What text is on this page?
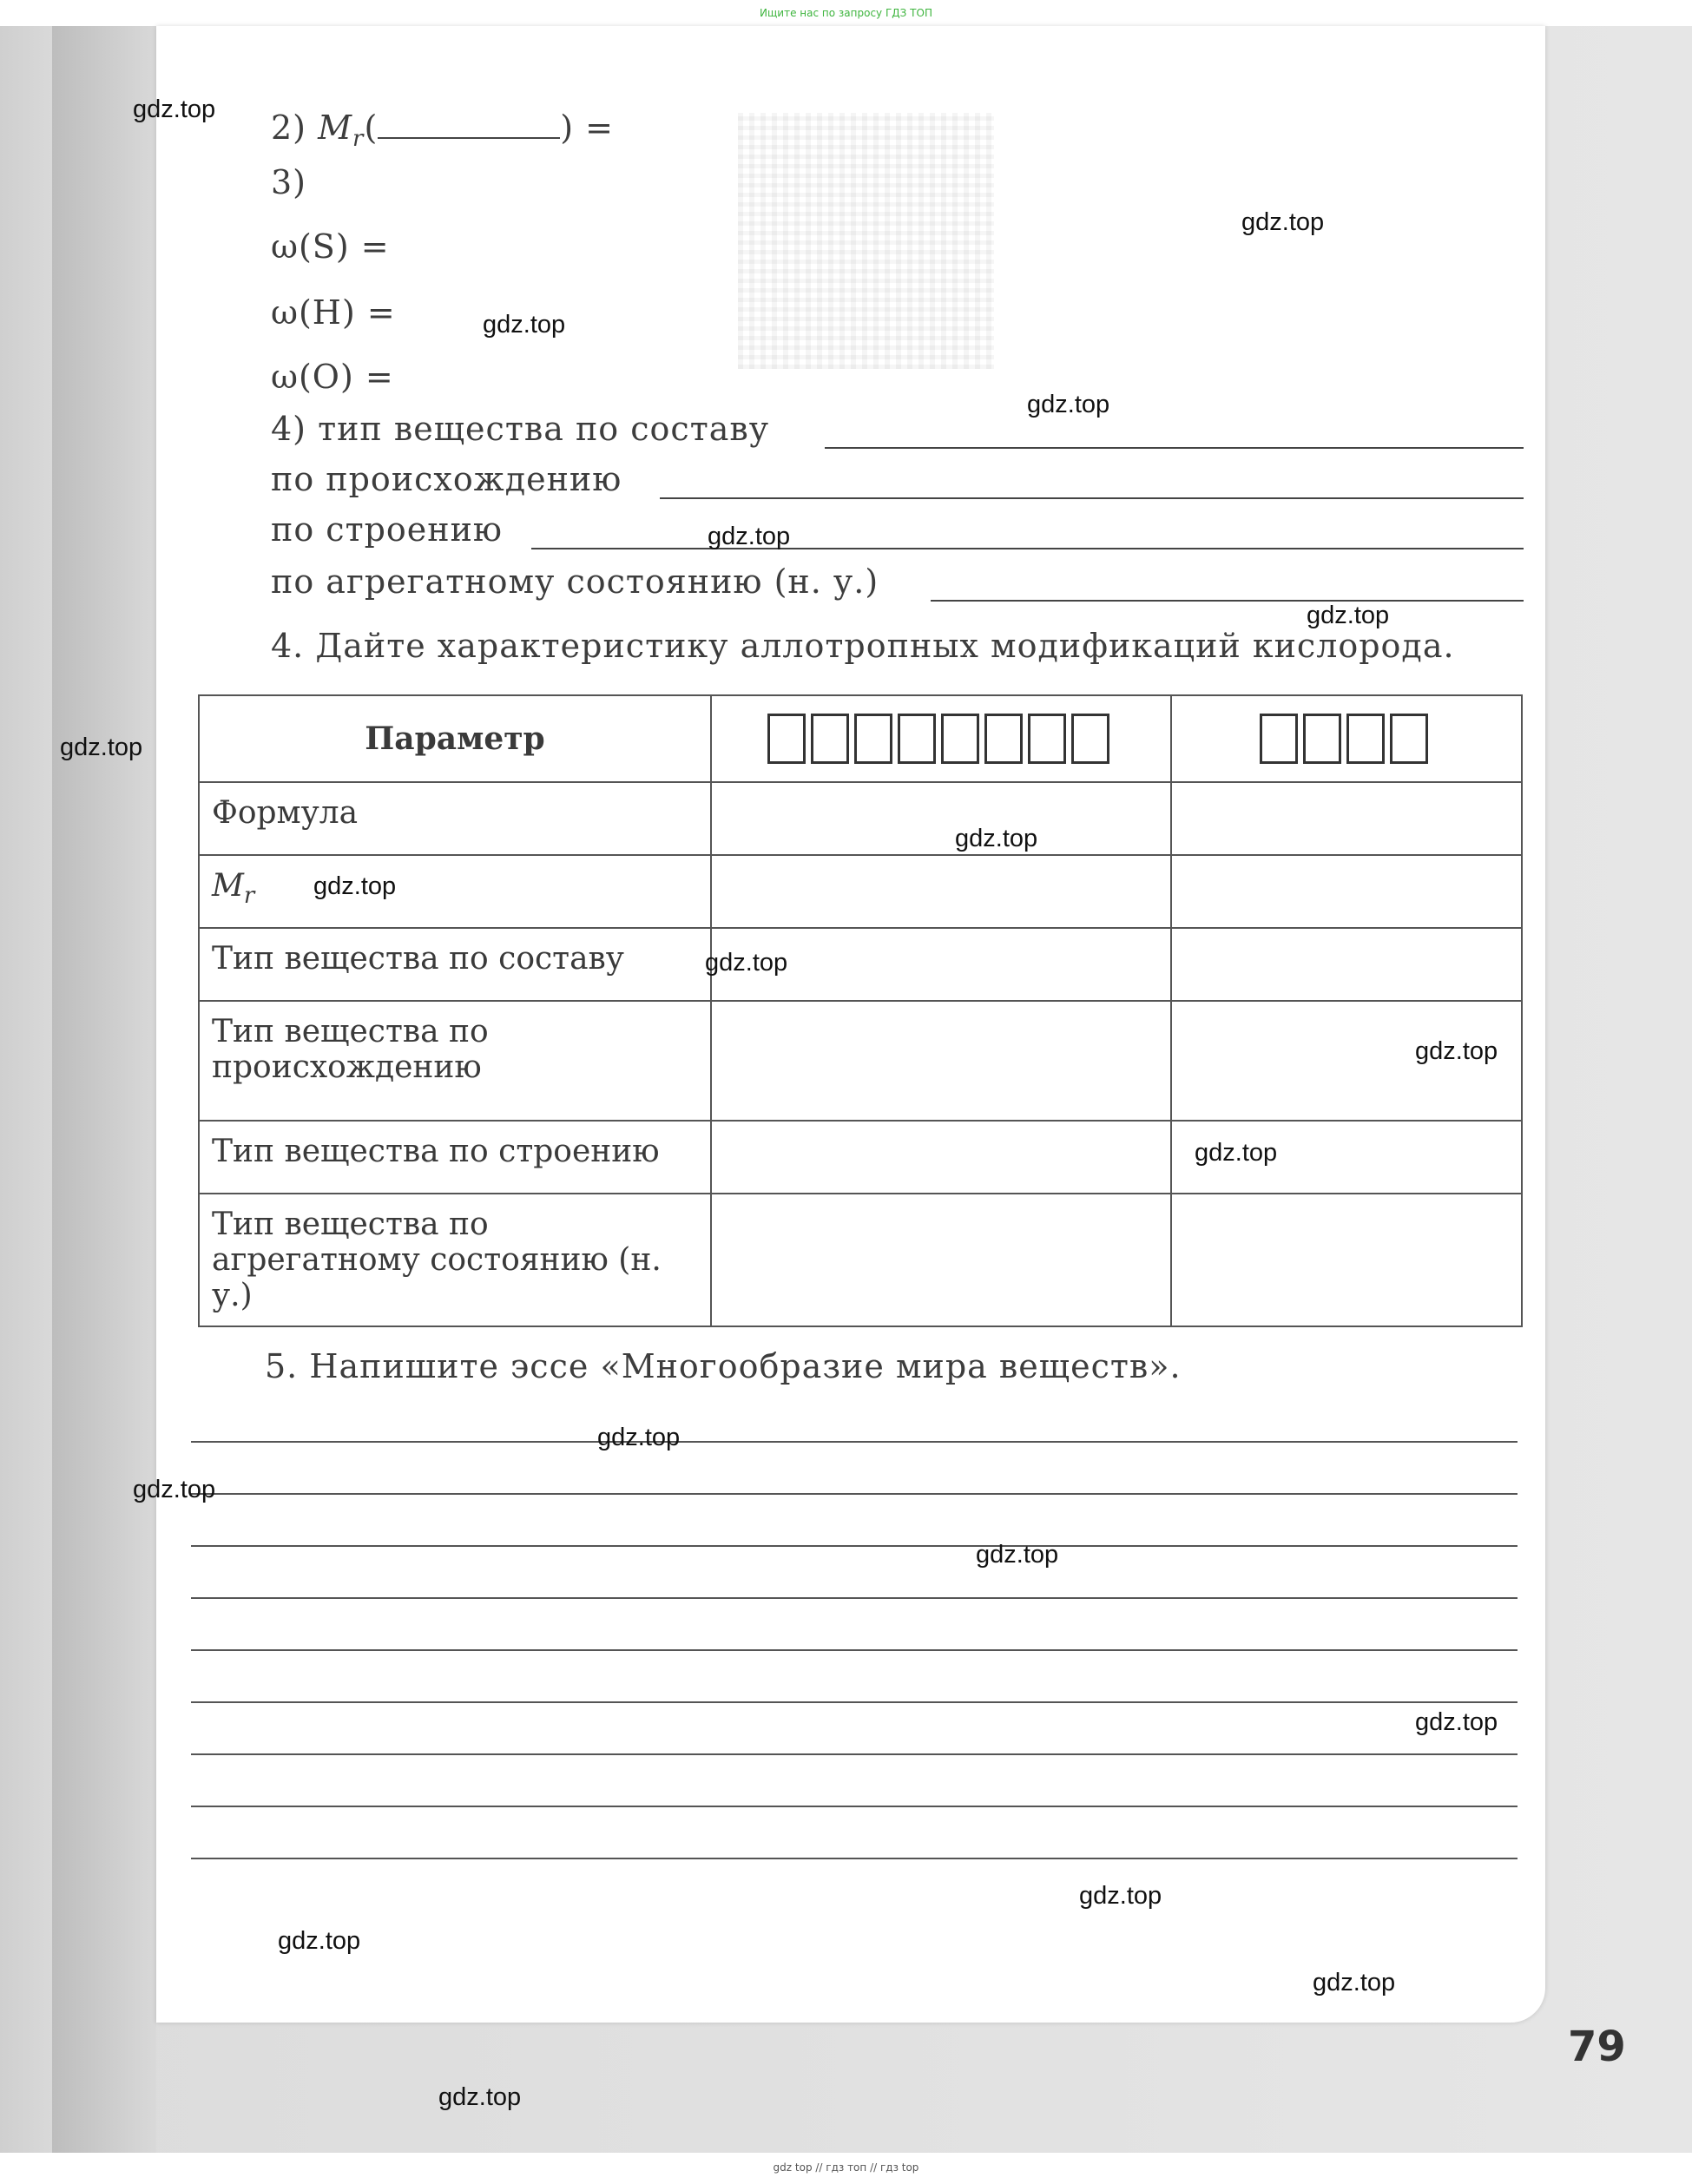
Ищите нас по запросу ГДЗ ТОП
2) $M_r$(	) =
3)
ω(S) =
ω(H) =
ω(O) =
4) тип вещества по составу
по происхождению
по строению
по агрегатному состоянию (н. у.)
4. Дайте характеристику аллотропных модификаций кислорода.
Параметр	

Формула		
$M_r$		
Тип вещества по составу		
Тип вещества по происхождению		
Тип вещества по строению		
Тип вещества по агрегатному состоянию (н. у.)		
5. Напишите эссе «Многообразие мира веществ».
79
gdz.top
gdz.top
gdz.top
gdz.top
gdz.top
gdz.top
gdz.top
gdz.top
gdz.top
gdz.top
gdz.top
gdz.top
gdz.top
gdz.top
gdz.top
gdz.top
gdz.top
gdz.top
gdz.top
gdz.top
gdz top // гдз топ // гдз top
